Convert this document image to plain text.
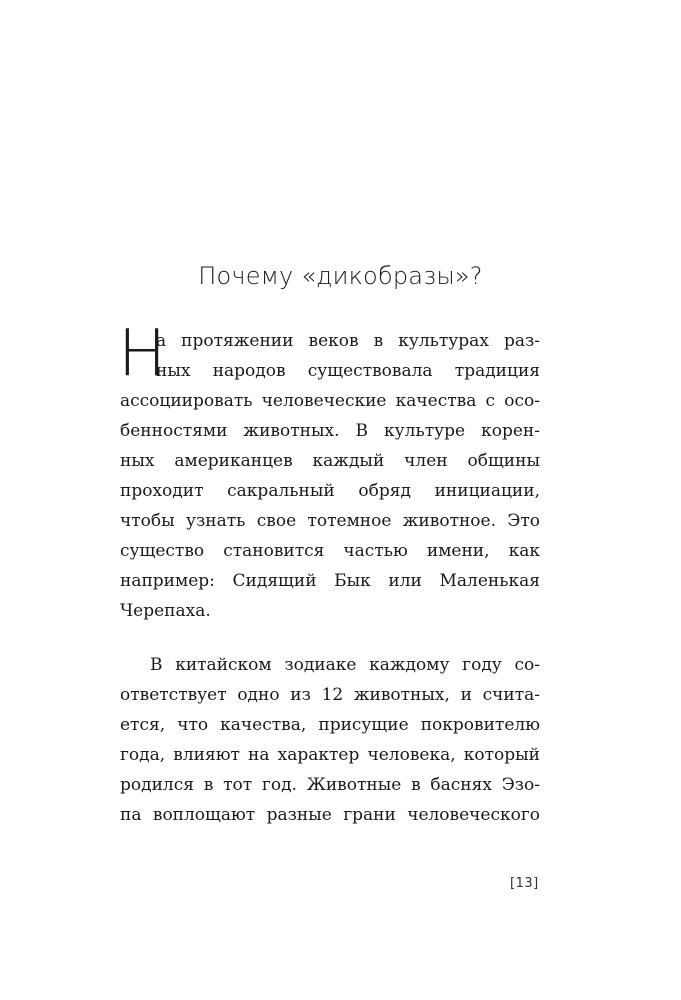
Почему «дикобразы»?
Н
а протяжении веков в культурах раз-
ных народов существовала традиция
ассоциировать человеческие качества с осо-
бенностями животных. В культуре корен-
ных американцев каждый член общины
проходит сакральный обряд инициации,
чтобы узнать свое тотемное животное. Это
существо становится частью имени, как
например: Сидящий Бык или Маленькая
Черепаха.
В китайском зодиаке каждому году со-
ответствует одно из 12 животных, и счита-
ется, что качества, присущие покровителю
года, влияют на характер человека, который
родился в тот год. Животные в баснях Эзо-
па воплощают разные грани человеческого
[13]
